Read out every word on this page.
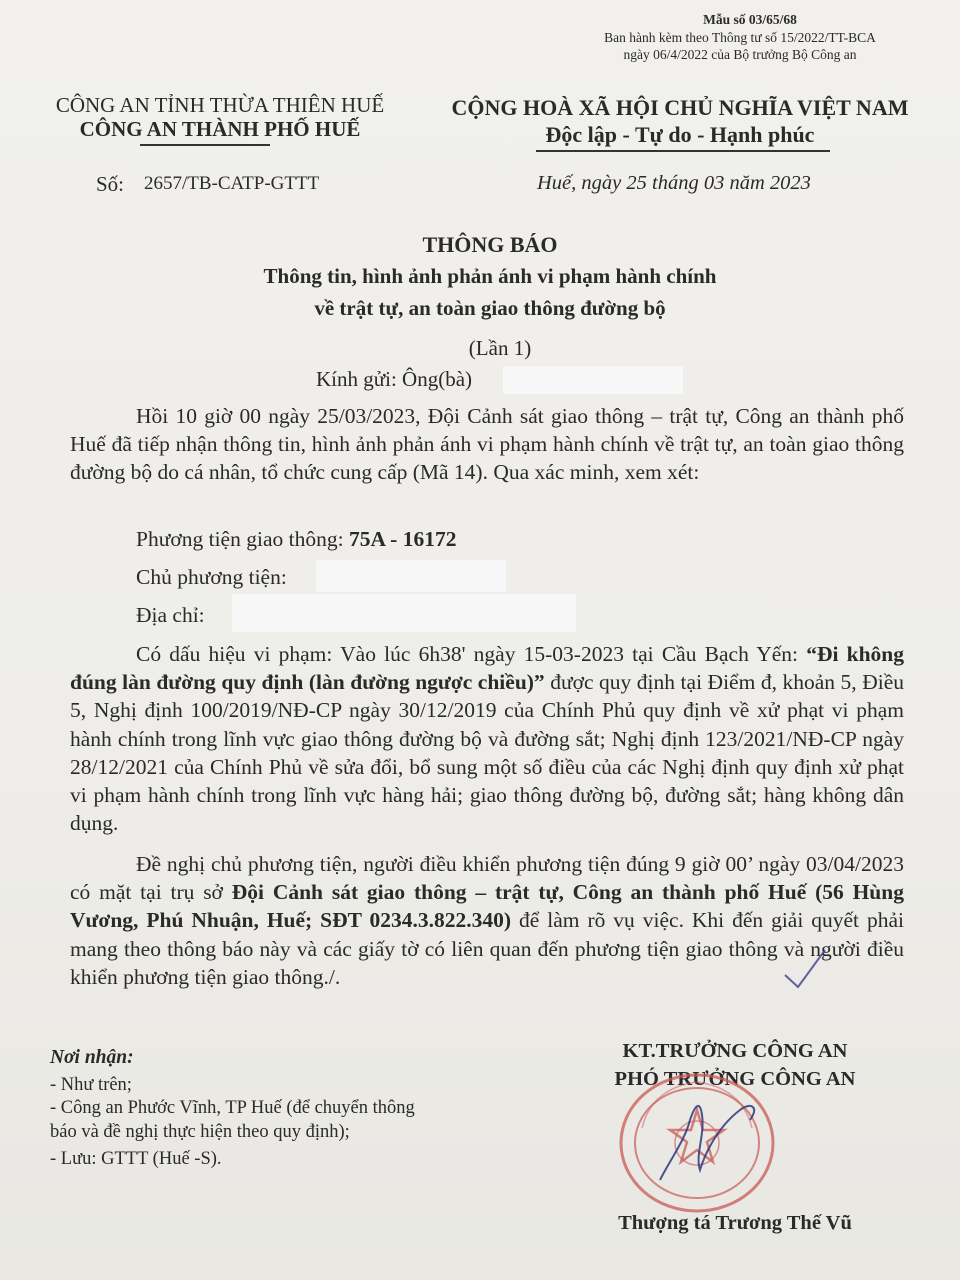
Mẫu số 03/65/68
Ban hành kèm theo Thông tư số 15/2022/TT-BCA
ngày 06/4/2022 của Bộ trưởng Bộ Công an
CÔNG AN TỈNH THỪA THIÊN HUẾ
CÔNG AN THÀNH PHỐ HUẾ
CỘNG HOÀ XÃ HỘI CHỦ NGHĨA VIỆT NAM
Độc lập - Tự do - Hạnh phúc
Số: 2657/TB-CATP-GTTT	Huế, ngày 25 tháng 03 năm 2023
THÔNG BÁO
Thông tin, hình ảnh phản ánh vi phạm hành chính
về trật tự, an toàn giao thông đường bộ
(Lần 1)
Kính gửi: Ông(bà)
Hồi 10 giờ 00 ngày 25/03/2023, Đội Cảnh sát giao thông – trật tự, Công an thành phố Huế đã tiếp nhận thông tin, hình ảnh phản ánh vi phạm hành chính về trật tự, an toàn giao thông đường bộ do cá nhân, tổ chức cung cấp (Mã 14). Qua xác minh, xem xét:
Phương tiện giao thông: 75A - 16172
Chủ phương tiện:
Địa chỉ:
Có dấu hiệu vi phạm: Vào lúc 6h38' ngày 15-03-2023 tại Cầu Bạch Yến: “Đi không đúng làn đường quy định (làn đường ngược chiều)” được quy định tại Điểm đ, khoản 5, Điều 5, Nghị định 100/2019/NĐ-CP ngày 30/12/2019 của Chính Phủ quy định về xử phạt vi phạm hành chính trong lĩnh vực giao thông đường bộ và đường sắt; Nghị định 123/2021/NĐ-CP ngày 28/12/2021 của Chính Phủ về sửa đổi, bổ sung một số điều của các Nghị định quy định xử phạt vi phạm hành chính trong lĩnh vực hàng hải; giao thông đường bộ, đường sắt; hàng không dân dụng.
Đề nghị chủ phương tiện, người điều khiển phương tiện đúng 9 giờ 00’ ngày 03/04/2023 có mặt tại trụ sở Đội Cảnh sát giao thông – trật tự, Công an thành phố Huế (56 Hùng Vương, Phú Nhuận, Huế; SĐT 0234.3.822.340) để làm rõ vụ việc. Khi đến giải quyết phải mang theo thông báo này và các giấy tờ có liên quan đến phương tiện giao thông và người điều khiển phương tiện giao thông./.
Nơi nhận:
- Như trên;
- Công an Phước Vĩnh, TP Huế (để chuyển thông
báo và đề nghị thực hiện theo quy định);
- Lưu: GTTT (Huế -S).
KT.TRƯỞNG CÔNG AN
PHÓ TRƯỞNG CÔNG AN
Thượng tá Trương Thế Vũ
